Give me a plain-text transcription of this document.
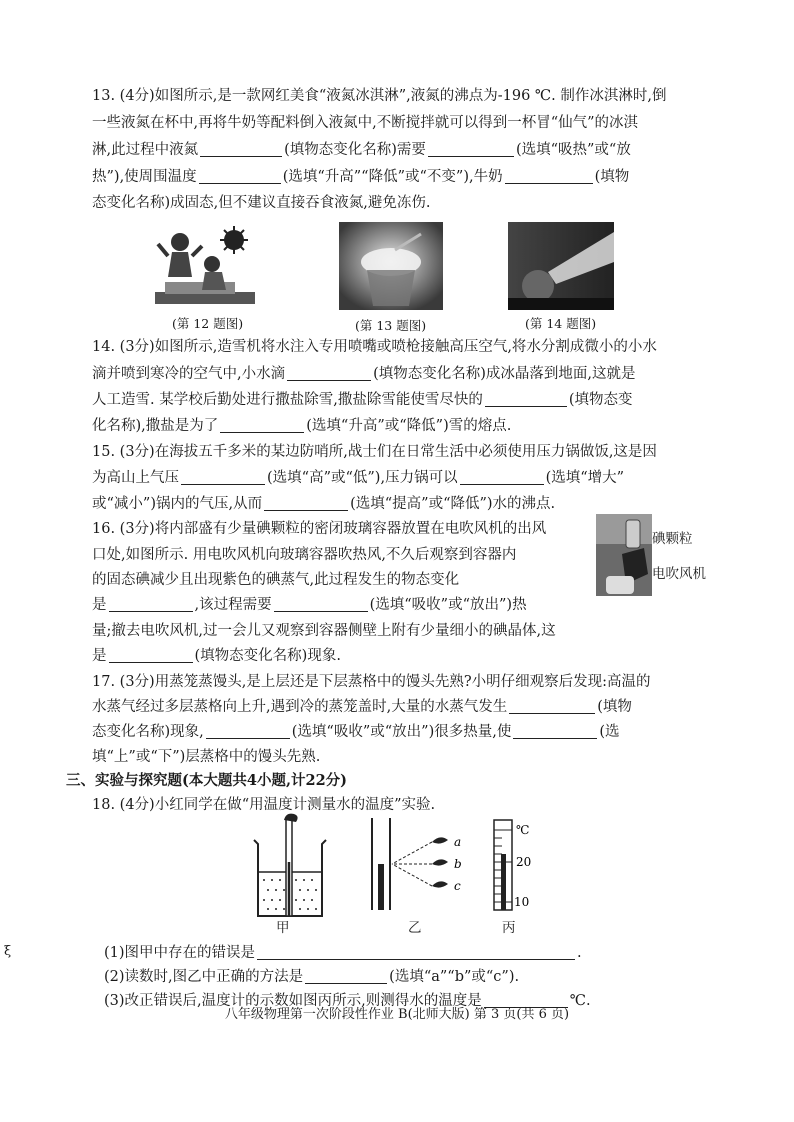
13. (4分)如图所示,是一款网红美食“液氮冰淇淋”,液氮的沸点为-196 ℃. 制作冰淇淋时,倒
一些液氮在杯中,再将牛奶等配料倒入液氮中,不断搅拌就可以得到一杯冒“仙气”的冰淇
淋,此过程中液氮	(填物态变化名称)需要	(选填“吸热”或“放
热”),使周围温度	(选填“升高”“降低”或“不变”),牛奶	(填物
态变化名称)成固态,但不建议直接吞食液氮,避免冻伤.
(第 12 题图)	(第 13 题图)	(第 14 题图)
14. (3分)如图所示,造雪机将水注入专用喷嘴或喷枪接触高压空气,将水分割成微小的小水
滴并喷到寒冷的空气中,小水滴	(填物态变化名称)成冰晶落到地面,这就是
人工造雪. 某学校后勤处进行撒盐除雪,撒盐除雪能使雪尽快的	(填物态变
化名称),撒盐是为了	(选填“升高”或“降低”)雪的熔点.
15. (3分)在海拔五千多米的某边防哨所,战士们在日常生活中必须使用压力锅做饭,这是因
为高山上气压	(选填“高”或“低”),压力锅可以	(选填“增大”
或“减小”)锅内的气压,从而	(选填“提高”或“降低”)水的沸点.
16. (3分)将内部盛有少量碘颗粒的密闭玻璃容器放置在电吹风机的出风
口处,如图所示. 用电吹风机向玻璃容器吹热风,不久后观察到容器内
的固态碘减少且出现紫色的碘蒸气,此过程发生的物态变化
是	,该过程需要	(选填“吸收”或“放出”)热
量;撤去电吹风机,过一会儿又观察到容器侧壁上附有少量细小的碘晶体,这
是	(填物态变化名称)现象.
碘颗粒
电吹风机
17. (3分)用蒸笼蒸馒头,是上层还是下层蒸格中的馒头先熟?小明仔细观察后发现:高温的
水蒸气经过多层蒸格向上升,遇到冷的蒸笼盖时,大量的水蒸气发生	(填物
态变化名称)现象,	(选填“吸收”或“放出”)很多热量,使	(选
填“上”或“下”)层蒸格中的馒头先熟.
三、实验与探究题(本大题共4小题,计22分)
18. (4分)小红同学在做“用温度计测量水的温度”实验.
甲
a
b
c
乙
℃
20
10
丙
ξ	(1)图甲中存在的错误是	.
(2)读数时,图乙中正确的方法是	(选填“a”“b”或“c”).
(3)改正错误后,温度计的示数如图丙所示,则测得水的温度是	℃.
八年级物理第一次阶段性作业 B(北师大版) 第 3 页(共 6 页)
